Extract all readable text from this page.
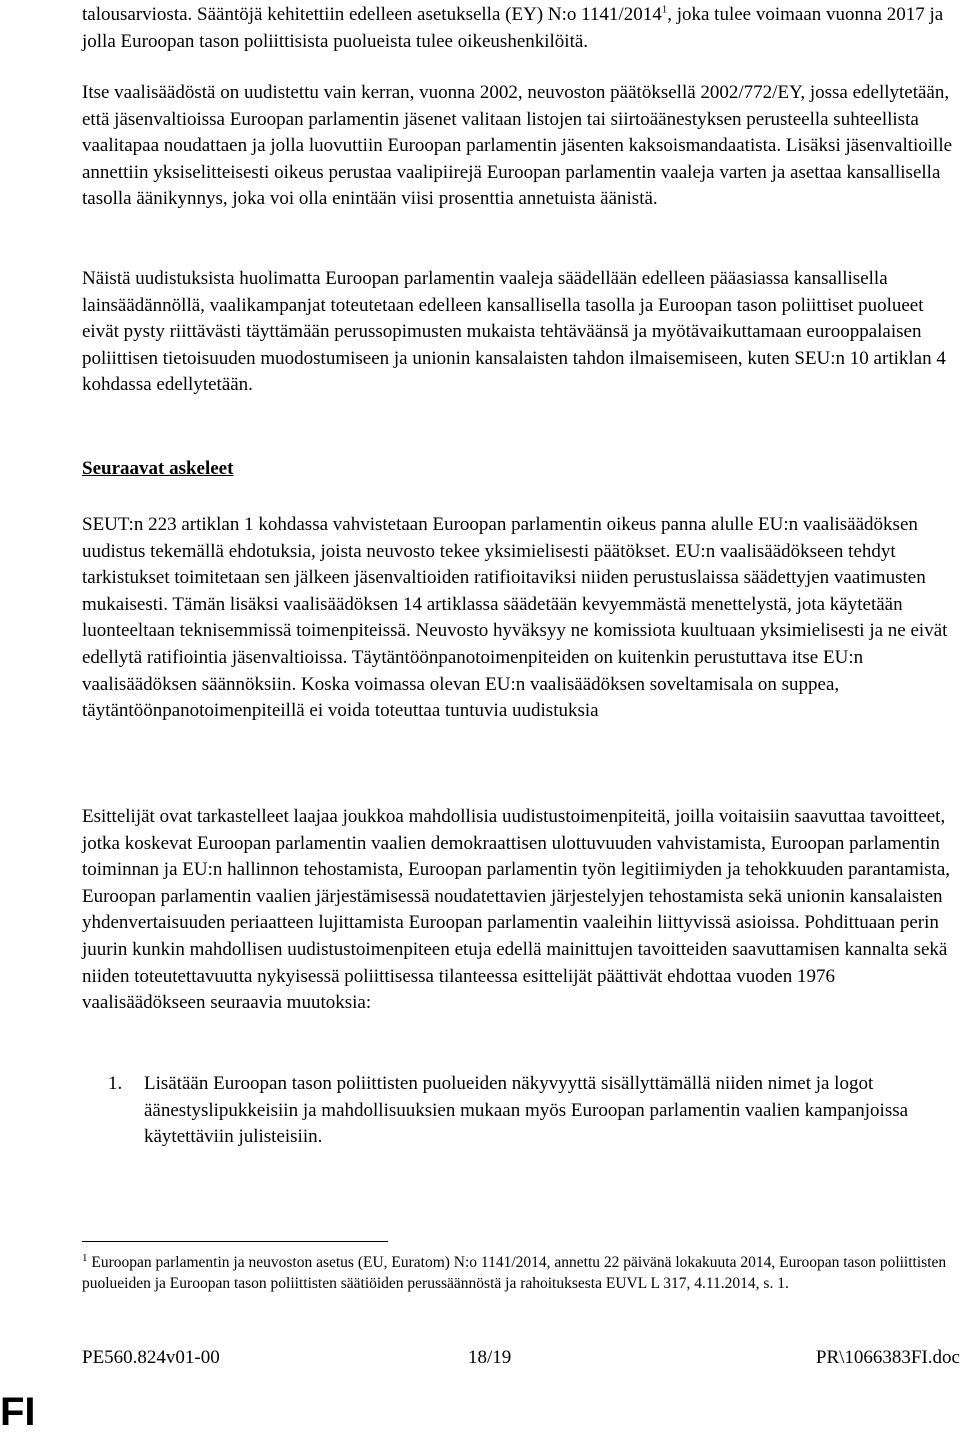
talousarviosta. Sääntöjä kehitettiin edelleen asetuksella (EY) N:o 1141/2014$^1$, joka tulee voimaan vuonna 2017 ja jolla Euroopan tason poliittisista puolueista tulee oikeushenkilöitä.

Itse vaalisäädöstä on uudistettu vain kerran, vuonna 2002, neuvoston päätöksellä 2002/772/EY, jossa edellytetään, että jäsenvaltioissa Euroopan parlamentin jäsenet valitaan listojen tai siirtoäänestyksen perusteella suhteellista vaalitapaa noudattaen ja jolla luovuttiin Euroopan parlamentin jäsenten kaksoismandaatista. Lisäksi jäsenvaltioille annettiin yksiselitteisesti oikeus perustaa vaalipiirejä Euroopan parlamentin vaaleja varten ja asettaa kansallisella tasolla äänikynnys, joka voi olla enintään viisi prosenttia annetuista äänistä.

Näistä uudistuksista huolimatta Euroopan parlamentin vaaleja säädellään edelleen pääasiassa kansallisella lainsäädännöllä, vaalikampanjat toteutetaan edelleen kansallisella tasolla ja Euroopan tason poliittiset puolueet eivät pysty riittävästi täyttämään perussopimusten mukaista tehtäväänsä ja myötävaikuttamaan eurooppalaisen poliittisen tietoisuuden muodostumiseen ja unionin kansalaisten tahdon ilmaisemiseen, kuten SEU:n 10 artiklan 4 kohdassa edellytetään.

Seuraavat askeleet

SEUT:n 223 artiklan 1 kohdassa vahvistetaan Euroopan parlamentin oikeus panna alulle EU:n vaalisäädöksen uudistus tekemällä ehdotuksia, joista neuvosto tekee yksimielisesti päätökset. EU:n vaalisäädökseen tehdyt tarkistukset toimitetaan sen jälkeen jäsenvaltioiden ratifioitaviksi niiden perustuslaissa säädettyjen vaatimusten mukaisesti. Tämän lisäksi vaalisäädöksen 14 artiklassa säädetään kevyemmästä menettelystä, jota käytetään luonteeltaan teknisemmissä toimenpiteissä. Neuvosto hyväksyy ne komissiota kuultuaan yksimielisesti ja ne eivät edellytä ratifiointia jäsenvaltioissa. Täytäntöönpanotoimenpiteiden on kuitenkin perustuttava itse EU:n vaalisäädöksen säännöksiin. Koska voimassa olevan EU:n vaalisäädöksen soveltamisala on suppea, täytäntöönpanotoimenpiteillä ei voida toteuttaa tuntuvia uudistuksia

Esittelijät ovat tarkastelleet laajaa joukkoa mahdollisia uudistustoimenpiteitä, joilla voitaisiin saavuttaa tavoitteet, jotka koskevat Euroopan parlamentin vaalien demokraattisen ulottuvuuden vahvistamista, Euroopan parlamentin toiminnan ja EU:n hallinnon tehostamista, Euroopan parlamentin työn legitiimiyden ja tehokkuuden parantamista, Euroopan parlamentin vaalien järjestämisessä noudatettavien järjestelyjen tehostamista sekä unionin kansalaisten yhdenvertaisuuden periaatteen lujittamista Euroopan parlamentin vaaleihin liittyvissä asioissa. Pohdittuaan perin juurin kunkin mahdollisen uudistustoimenpiteen etuja edellä mainittujen tavoitteiden saavuttamisen kannalta sekä niiden toteutettavuutta nykyisessä poliittisessa tilanteessa esittelijät päättivät ehdottaa vuoden 1976 vaalisäädökseen seuraavia muutoksia:

1. Lisätään Euroopan tason poliittisten puolueiden näkyvyyttä sisällyttämällä niiden nimet ja logot äänestyslipukkeisiin ja mahdollisuuksien mukaan myös Euroopan parlamentin vaalien kampanjoissa käytettäviin julisteisiin.

$^1$ Euroopan parlamentin ja neuvoston asetus (EU, Euratom) N:o 1141/2014, annettu 22 päivänä lokakuuta 2014, Euroopan tason poliittisten puolueiden ja Euroopan tason poliittisten säätiöiden perussäännöstä ja rahoituksesta EUVL L 317, 4.11.2014, s. 1.

PE560.824v01-00	18/19	PR\1066383FI.doc
FI
